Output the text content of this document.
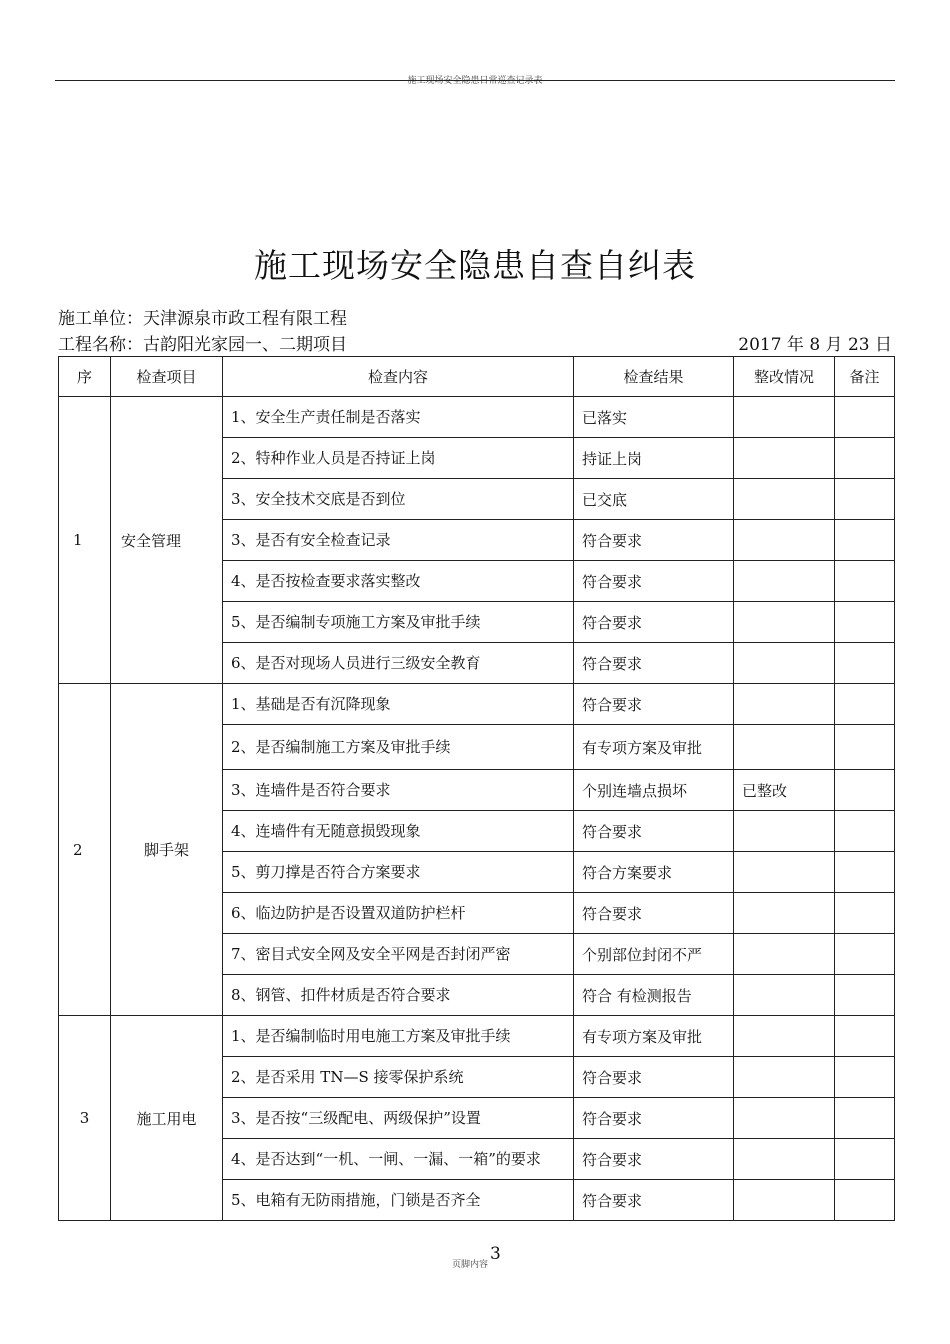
施工现场安全隐患日常巡查记录表
施工现场安全隐患自查自纠表
施工单位：天津源泉市政工程有限工程
工程名称：古韵阳光家园一、二期项目	2017 年 8 月 23 日
序	检查项目	检查内容	检查结果	整改情况	备注
1	安全管理	1、安全生产责任制是否落实	已落实		
		2、特种作业人员是否持证上岗	持证上岗		
		3、安全技术交底是否到位	已交底		
		3、是否有安全检查记录	符合要求		
		4、是否按检查要求落实整改	符合要求		
		5、是否编制专项施工方案及审批手续	符合要求		
		6、是否对现场人员进行三级安全教育	符合要求		
2	脚手架	1、基础是否有沉降现象	符合要求		
		2、是否编制施工方案及审批手续	有专项方案及审批		
		3、连墙件是否符合要求	个别连墙点损坏	已整改	
		4、连墙件有无随意损毁现象	符合要求		
		5、剪刀撑是否符合方案要求	符合方案要求		
		6、临边防护是否设置双道防护栏杆	符合要求		
		7、密目式安全网及安全平网是否封闭严密	个别部位封闭不严		
		8、钢管、扣件材质是否符合要求	符合 有检测报告		
3	施工用电	1、是否编制临时用电施工方案及审批手续	有专项方案及审批		
		2、是否采用 TN—S 接零保护系统	符合要求		
		3、是否按“三级配电、两级保护”设置	符合要求		
		4、是否达到“一机、一闸、一漏、一箱”的要求	符合要求		
		5、电箱有无防雨措施，门锁是否齐全	符合要求		
3
页脚内容
